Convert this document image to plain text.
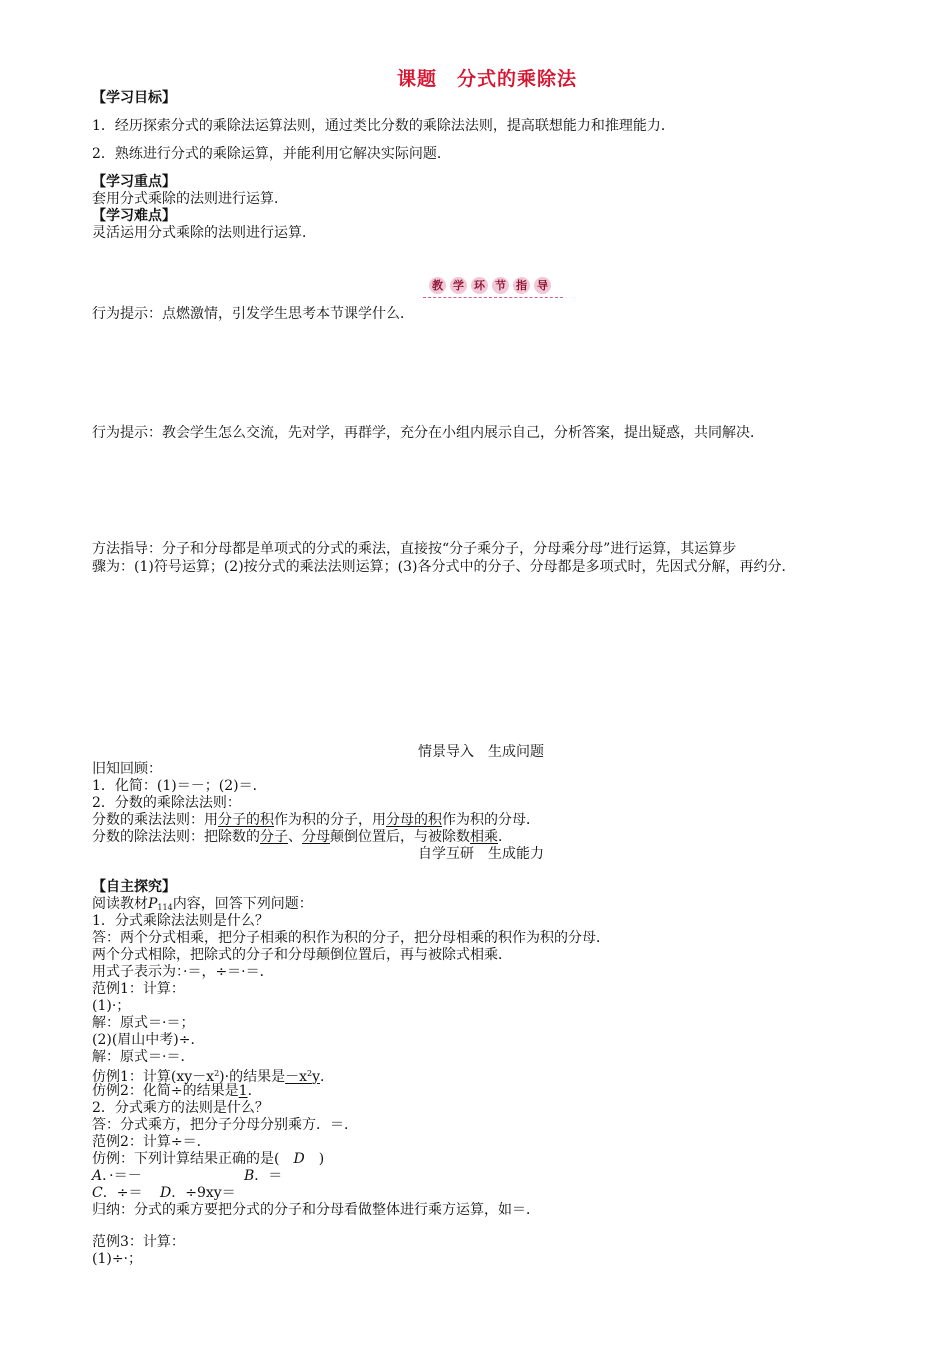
课题　分式的乘除法
【学习目标】
1．经历探索分式的乘除法运算法则，通过类比分数的乘除法法则，提高联想能力和推理能力．
2．熟练进行分式的乘除运算，并能利用它解决实际问题．
【学习重点】
套用分式乘除的法则进行运算．
【学习难点】
灵活运用分式乘除的法则进行运算．
教 学 环 节 指 导
行为提示：点燃激情，引发学生思考本节课学什么．
行为提示：教会学生怎么交流，先对学，再群学，充分在小组内展示自己，分析答案，提出疑惑，共同解决．
方法指导：分子和分母都是单项式的分式的乘法，直接按“分子乘分子，分母乘分母”进行运算，其运算步
骤为：(1)符号运算；(2)按分式的乘法法则运算；(3)各分式中的分子、分母都是多项式时，先因式分解，再约分．
情景导入　生成问题
旧知回顾：
1．化简：(1)＝－；(2)＝．
2．分数的乘除法法则：
分数的乘法法则：用分子的积作为积的分子，用分母的积作为积的分母．
分数的除法法则：把除数的分子、分母颠倒位置后，与被除数相乘．
自学互研　生成能力
【自主探究】
阅读教材$P_{114}$内容，回答下列问题：
1．分式乘除法法则是什么？
答：两个分式相乘，把分子相乘的积作为积的分子，把分母相乘的积作为积的分母．
两个分式相除，把除式的分子和分母颠倒位置后，再与被除式相乘．
用式子表示为：·＝，÷＝·＝．
范例1：计算：
(1)·；
解：原式＝·＝；
(2)(眉山中考)÷．
解：原式＝·＝．
仿例1：计算$(xy-x^2)\cdot$的结果是$-x^2y$．
仿例2：化简÷的结果是1．
2．分式乘方的法则是什么？
答：分式乘方，把分子分母分别乘方．＝．
范例2：计算÷＝．
仿例：下列计算结果正确的是(　D　)
A．·＝－	B．＝
C．÷＝ D．÷9xy＝
归纳：分式的乘方要把分式的分子和分母看做整体进行乘方运算，如＝．
范例3：计算：
(1)÷·；
